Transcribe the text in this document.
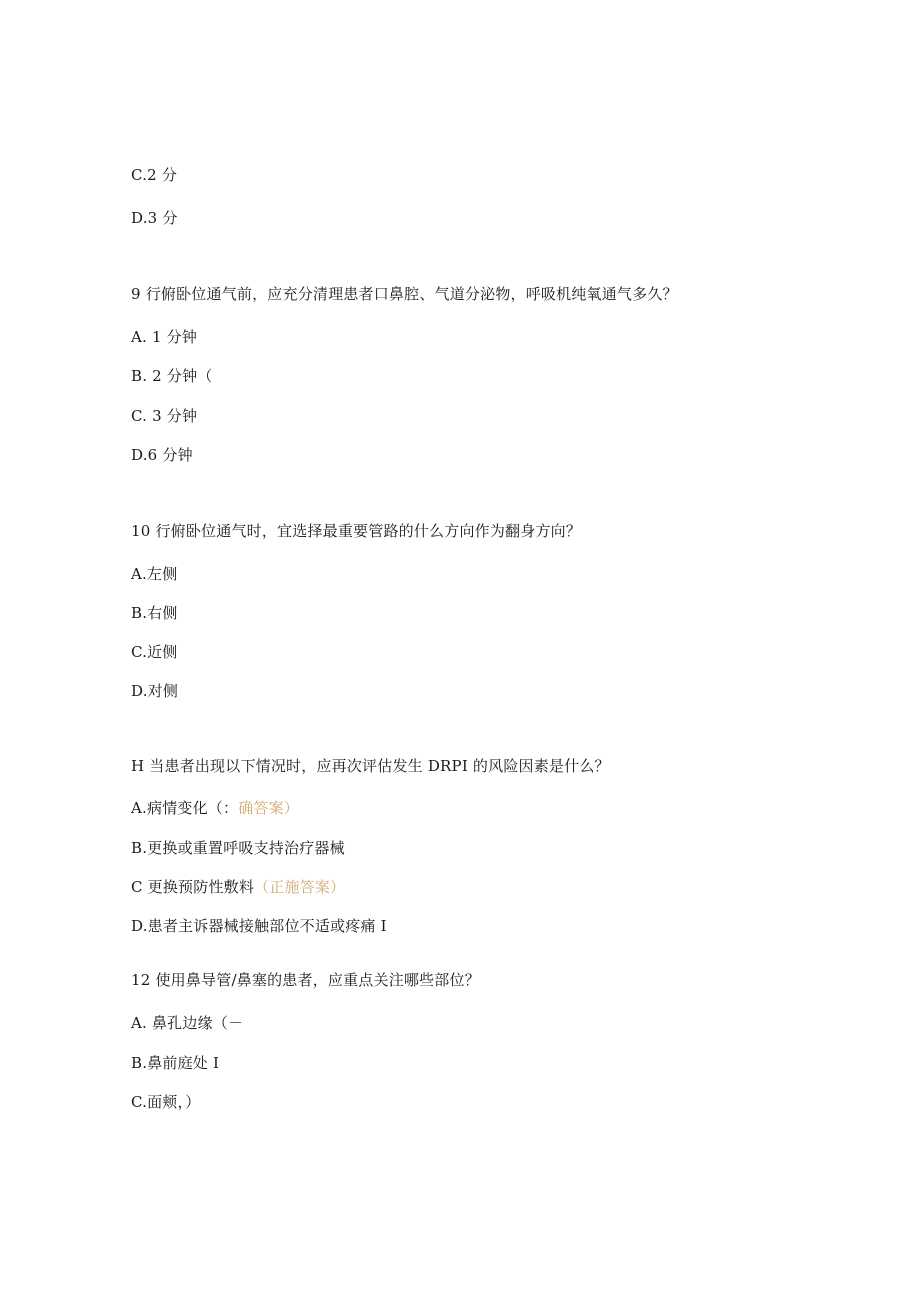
C.2 分
D.3 分
9 行俯卧位通气前，应充分清理患者口鼻腔、气道分泌物，呼吸机纯氧通气多久？
A. 1 分钟
B. 2 分钟（
C. 3 分钟
D.6 分钟
10 行俯卧位通气时，宜选择最重要管路的什么方向作为翻身方向？
A.左侧
B.右侧
C.近侧
D.对侧
H 当患者出现以下情况时，应再次评估发生 DRPI 的风险因素是什么？
A.病情变化（：确答案）
B.更换或重置呼吸支持治疗器械
C 更换预防性敷料（正施答案）
D.患者主诉器械接触部位不适或疼痛 I
12 使用鼻导管/鼻塞的患者，应重点关注哪些部位？
A. 鼻孔边缘（－
B.鼻前庭处 I
C.面颊，）
